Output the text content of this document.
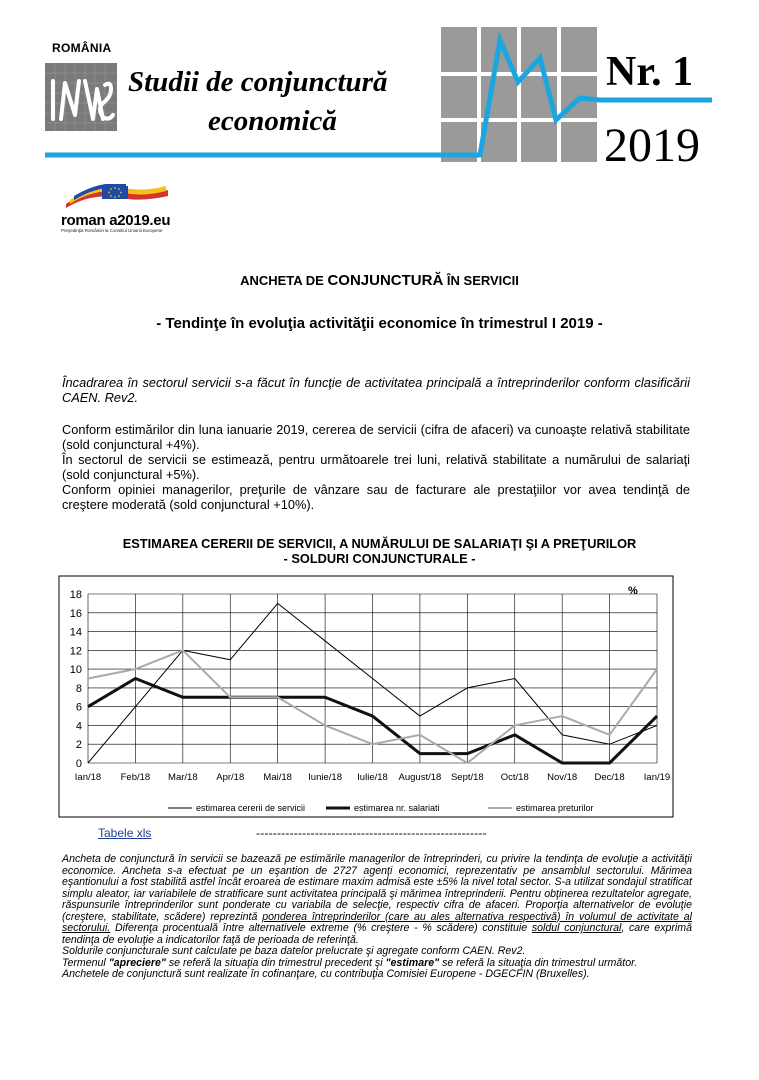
ROMÂNIA
Studii de conjunctură
economică
Nr. 1
2019
roman a2019.eu
Preşedinţia României la Consiliul Uniunii Europene
ANCHETA DE CONJUNCTURĂ ÎN SERVICII
- Tendinţe în evoluţia activităţii economice în trimestrul I 2019 -
Încadrarea în sectorul servicii s-a făcut în funcţie de activitatea principală a întreprinderilor conform clasificării CAEN. Rev2.
Conform estimărilor din luna ianuarie 2019, cererea de servicii (cifra de afaceri) va cunoaşte relativă stabilitate (sold conjunctural +4%).
În sectorul de servicii se estimează, pentru următoarele trei luni, relativă stabilitate a numărului de salariaţi (sold conjunctural +5%).
Conform opiniei managerilor, preţurile de vânzare sau de facturare ale prestaţiilor vor avea tendinţă de creştere moderată (sold conjunctural +10%).
ESTIMAREA CERERII DE SERVICII, A NUMĂRULUI DE SALARIAŢI ŞI A PREŢURILOR
- SOLDURI CONJUNCTURALE -
0
2
4
6
8
10
12
14
16
18
Ian/18 Feb/18 Mar/18 Apr/18 Mai/18 Iunie/18 Iulie/18 August/18 Sept/18 Oct/18 Nov/18 Dec/18 Ian/19
%
estimarea cererii de servicii	estimarea nr. salariati	estimarea preturilor
Tabele xls	-------------------------------------------------------

Ancheta de conjunctură în servicii se bazează pe estimările managerilor de întreprinderi, cu privire la tendinţa de evoluţie a activităţii economice. Ancheta s-a efectuat pe un eşantion de 2727 agenţi economici, reprezentativ pe ansamblul sectorului. Mărimea eşantionului a fost stabilită astfel încât eroarea de estimare maxim admisă este ±5% la nivel total sector. S-a utilizat sondajul stratificat simplu aleator, iar variabilele de stratificare sunt activitatea principală şi mărimea întreprinderii. Pentru obţinerea rezultatelor agregate, răspunsurile întreprinderilor sunt ponderate cu variabila de selecţie, respectiv cifra de afaceri. Proporţia alternativelor de evoluţie (creştere, stabilitate, scădere) reprezintă ponderea întreprinderilor (care au ales alternativa respectivă) în volumul de activitate al sectorului. Diferenţa procentuală între alternativele extreme (% creştere - % scădere) constituie soldul conjunctural, care exprimă tendinţa de evoluţie a indicatorilor faţă de perioada de referinţă.

Soldurile conjuncturale sunt calculate pe baza datelor prelucrate şi agregate conform CAEN. Rev2.

Termenul "apreciere" se referă la situaţia din trimestrul precedent şi "estimare" se referă la situaţia din trimestrul următor.

Anchetele de conjunctură sunt realizate în cofinanţare, cu contribuţia Comisiei Europene - DGECFIN (Bruxelles).
